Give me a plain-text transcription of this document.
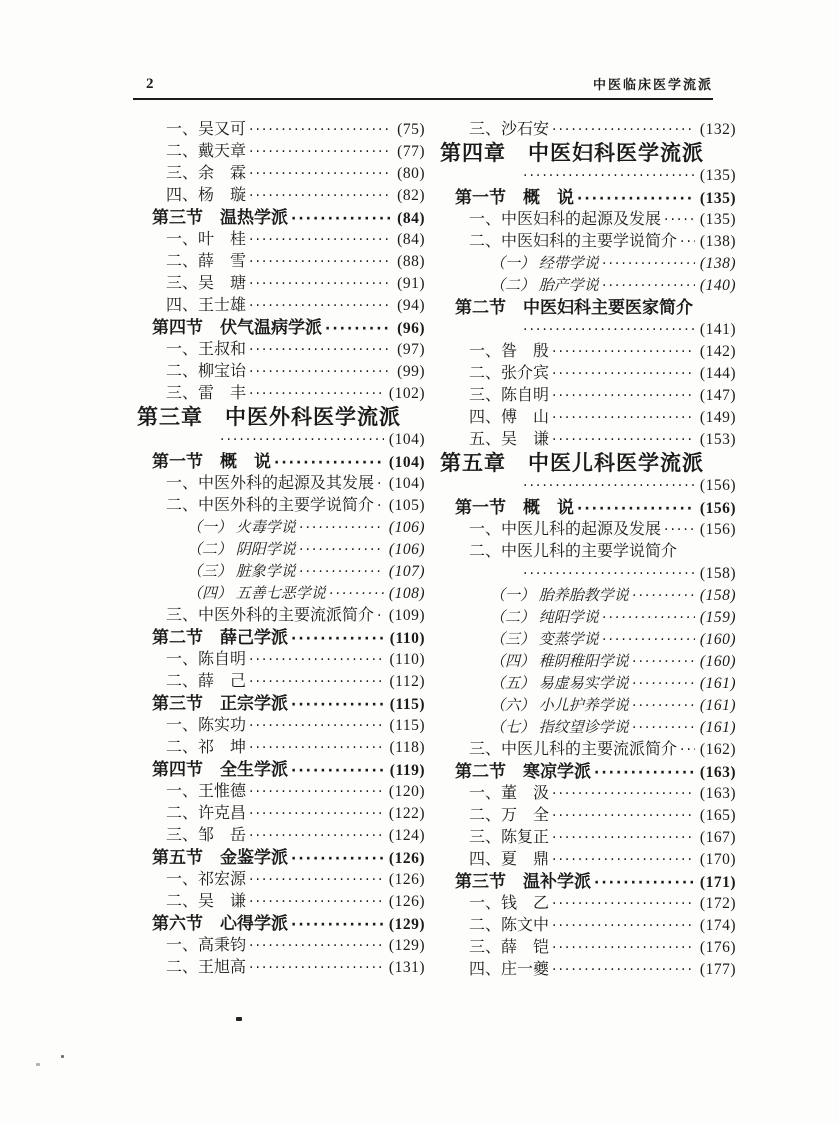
2	中医临床医学流派
一、吴又可 ·····	(75)
二、戴天章 ·····	(77)
三、余　霖 ·····	(80)
四、杨　璇 ·····	(82)
第三节　温热学派 ·····	(84)
一、叶　桂 ·····	(84)
二、薛　雪 ·····	(88)
三、吴　瑭 ·····	(91)
四、王士雄 ·····	(94)
第四节　伏气温病学派 ·····	(96)
一、王叔和 ·····	(97)
二、柳宝诒 ·····	(99)
三、雷　丰 ·····	(102)
第三章　中医外科医学流派
·····
(104)
第一节　概　说 ·····	(104)
一、中医外科的起源及其发展 ····· (104)
二、中医外科的主要学说简介 ····· (105)
（一） 火毒学说 ·····	(106)
（二） 阴阳学说 ·····	(106)
（三） 脏象学说 ·····	(107)
（四） 五善七恶学说 ·····	(108)
三、中医外科的主要流派简介 ····· (109)
第二节　薛己学派 ·····	(110)
一、陈自明 ·····	(110)
二、薛　己 ·····	(112)
第三节　正宗学派 ·····	(115)
一、陈实功 ·····	(115)
二、祁　坤 ·····	(118)
第四节　全生学派 ·····	(119)
一、王惟德 ·····	(120)
二、许克昌 ·····	(122)
三、邹　岳 ·····	(124)
第五节　金鉴学派 ·····	(126)
一、祁宏源 ·····	(126)
二、吴　谦 ·····	(126)
第六节　心得学派 ·····	(129)
一、高秉钧 ·····	(129)
二、王旭高 ·····	(131)
三、沙石安 ·····	(132)
第四章　中医妇科医学流派
·····
(135)
第一节　概　说 ·····	(135)
一、中医妇科的起源及发展 ·····	(135)
二、中医妇科的主要学说简介 ····· (138)
（一） 经带学说 ·····	(138)
（二） 胎产学说 ·····	(140)
第二节　中医妇科主要医家简介
·····
(141)
一、昝　殷 ·····	(142)
二、张介宾 ·····	(144)
三、陈自明 ·····	(147)
四、傅　山 ·····	(149)
五、吴　谦 ·····	(153)
第五章　中医儿科医学流派
·····
(156)
第一节　概　说 ·····	(156)
一、中医儿科的起源及发展 ·····	(156)
二、中医儿科的主要学说简介
·····
(158)
（一） 胎养胎教学说 ·····	(158)
（二） 纯阳学说 ·····	(159)
（三） 变蒸学说 ·····	(160)
（四） 稚阴稚阳学说 ·····	(160)
（五） 易虚易实学说 ·····	(161)
（六） 小儿护养学说 ·····	(161)
（七） 指纹望诊学说 ·····	(161)
三、中医儿科的主要流派简介 ····· (162)
第二节　寒凉学派 ·····	(163)
一、董　汲 ·····	(163)
二、万　全 ·····	(165)
三、陈复正 ·····	(167)
四、夏　鼎 ·····	(170)
第三节　温补学派 ·····	(171)
一、钱　乙 ·····	(172)
二、陈文中 ·····	(174)
三、薛　铠 ·····	(176)
四、庄一夔 ·····	(177)
